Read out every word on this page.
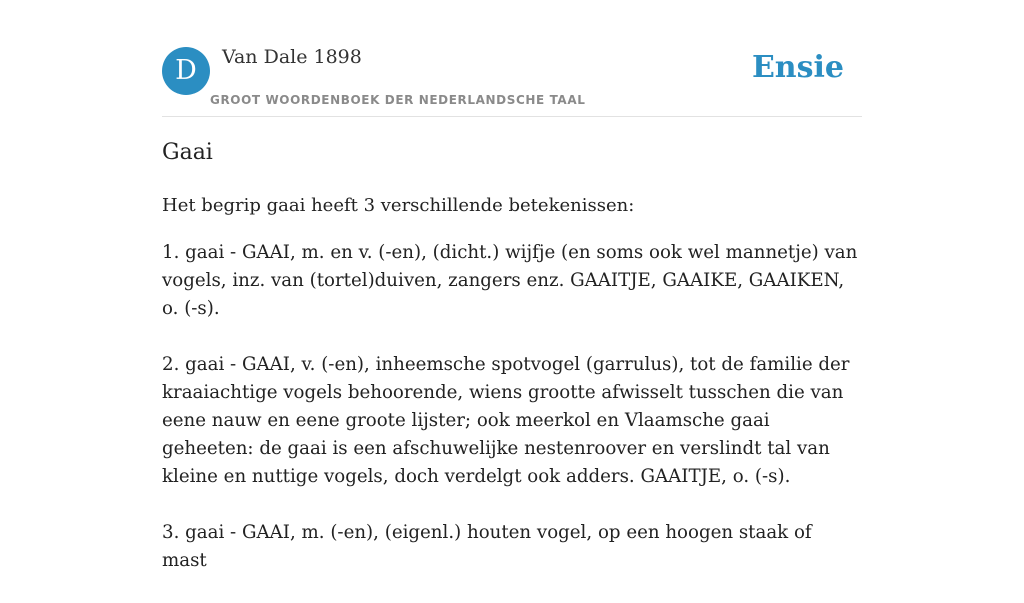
D	Van Dale 1898
GROOT WOORDENBOEK DER NEDERLANDSCHE TAAL
Ensie
Gaai

Het begrip gaai heeft 3 verschillende betekenissen:

1. gaai - GAAI, m. en v. (-en), (dicht.) wijfje (en soms ook wel mannetje) van vogels, inz. van (tortel)duiven, zangers enz. GAAITJE, GAAIKE, GAAIKEN, o. (-s).
2. gaai - GAAI, v. (-en), inheemsche spotvogel (garrulus), tot de familie der kraaiachtige vogels behoorende, wiens grootte afwisselt tusschen die van eene nauw en eene groote lijster; ook meerkol en Vlaamsche gaai geheeten: de gaai is een afschuwelijke nestenroover en verslindt tal van kleine en nuttige vogels, doch verdelgt ook adders. GAAITJE, o. (-s).
3. gaai - GAAI, m. (-en), (eigenl.) houten vogel, op een hoogen staak of mast
